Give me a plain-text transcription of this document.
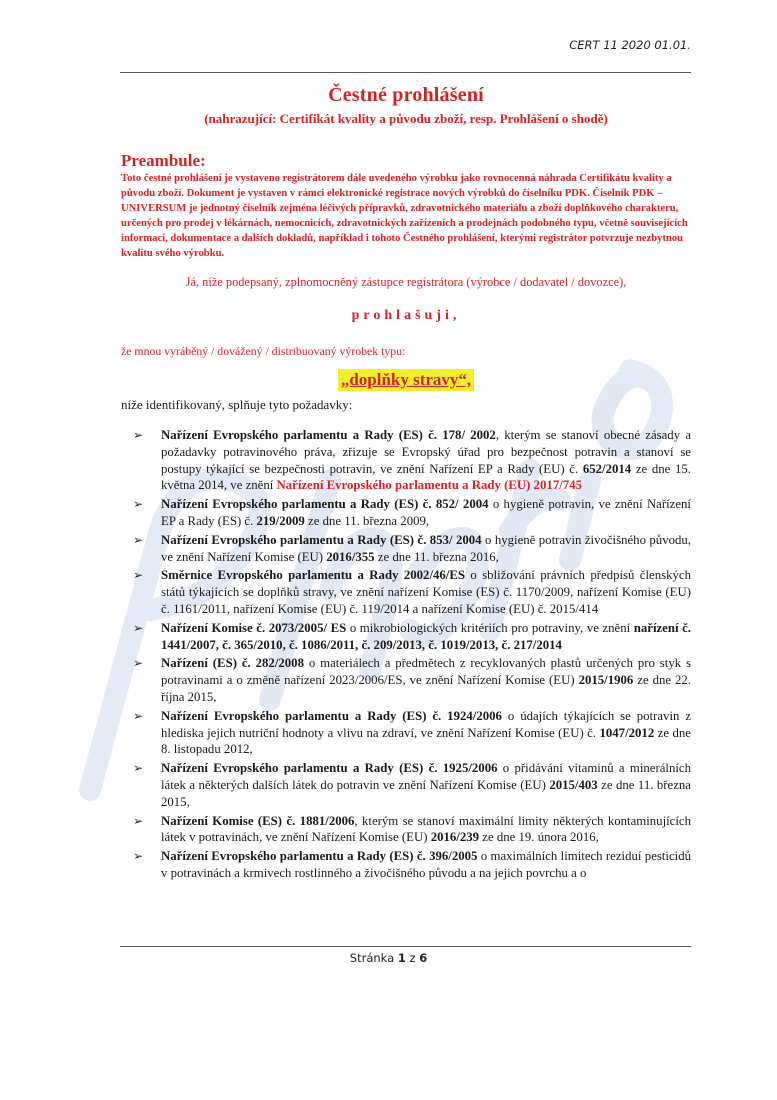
CERT 11 2020 01.01.
Čestné prohlášení

(nahrazující: Certifikát kvality a původu zboží, resp. Prohlášení o shodě)

Preambule:

Toto čestné prohlášení je vystaveno registrátorem dále uvedeného výrobku jako rovnocenná náhrada Certifikátu kvality a původu zboží. Dokument je vystaven v rámci elektronické registrace nových výrobků do číselníku PDK. Číselník PDK – UNIVERSUM je jednotný číselník zejména léčivých přípravků, zdravotnického materiálu a zboží doplňkového charakteru, určených pro prodej v lékárnách, nemocnicích, zdravotnických zařízeních a prodejnách podobného typu, včetně souvisejících informací, dokumentace a dalších dokladů, například i tohoto Čestného prohlášení, kterými registrátor potvrzuje nezbytnou kvalitu svého výrobku.

Já, níže podepsaný, zplnomocněný zástupce registrátora (výrobce / dodavatel / dovozce),

prohlašuji,

že mnou vyráběný / dovážený / distribuovaný výrobek typu:

„doplňky stravy“,

níže identifikovaný, splňuje tyto požadavky:

➢ Nařízení Evropského parlamentu a Rady (ES) č. 178/ 2002, kterým se stanoví obecné zásady a požadavky potravinového práva, zřizuje se Evropský úřad pro bezpečnost potravin a stanoví se postupy týkající se bezpečnosti potravin, ve znění Nařízení EP a Rady (EU) č. 652/2014 ze dne 15. května 2014, ve znění Nařízení Evropského parlamentu a Rady (EU) 2017/745
➢ Nařízení Evropského parlamentu a Rady (ES) č. 852/ 2004 o hygieně potravin, ve znění Nařízení EP a Rady (ES) č. 219/2009 ze dne 11. března 2009,
➢ Nařízení Evropského parlamentu a Rady (ES) č. 853/ 2004 o hygieně potravin živočišného původu, ve znění Nařízení Komise (EU) 2016/355 ze dne 11. března 2016,
➢ Směrnice Evropského parlamentu a Rady 2002/46/ES o sbližování právních předpisů členských států týkajících se doplňků stravy, ve znění nařízení Komise (ES) č. 1170/2009, nařízení Komise (EU) č. 1161/2011, nařízení Komise (EU) č. 119/2014 a nařízení Komise (EU) č. 2015/414
➢ Nařízení Komise č. 2073/2005/ ES o mikrobiologických kritériích pro potraviny, ve znění nařízení č. 1441/2007, č. 365/2010, č. 1086/2011, č. 209/2013, č. 1019/2013, č. 217/2014
➢ Nařízení (ES) č. 282/2008 o materiálech a předmětech z recyklovaných plastů určených pro styk s potravinami a o změně nařízení 2023/2006/ES, ve znění Nařízení Komise (EU) 2015/1906 ze dne 22. října 2015,
➢ Nařízení Evropského parlamentu a Rady (ES) č. 1924/2006 o údajích týkajících se potravin z hlediska jejich nutriční hodnoty a vlivu na zdraví, ve znění Nařízení Komise (EU) č. 1047/2012 ze dne 8. listopadu 2012,
➢ Nařízení Evropského parlamentu a Rady (ES) č. 1925/2006 o přidávání vitaminů a minerálních látek a některých dalších látek do potravin ve znění Nařízení Komise (EU) 2015/403 ze dne 11. března 2015,
➢ Nařízení Komise (ES) č. 1881/2006, kterým se stanoví maximální limity některých kontaminujících látek v potravinách, ve znění Nařízení Komise (EU) 2016/239 ze dne 19. února 2016,
➢ Nařízení Evropského parlamentu a Rady (ES) č. 396/2005 o maximálních limitech reziduí pesticidů v potravinách a krmivech rostlinného a živočišného původu a na jejich povrchu a o
Stránka 1 z 6
